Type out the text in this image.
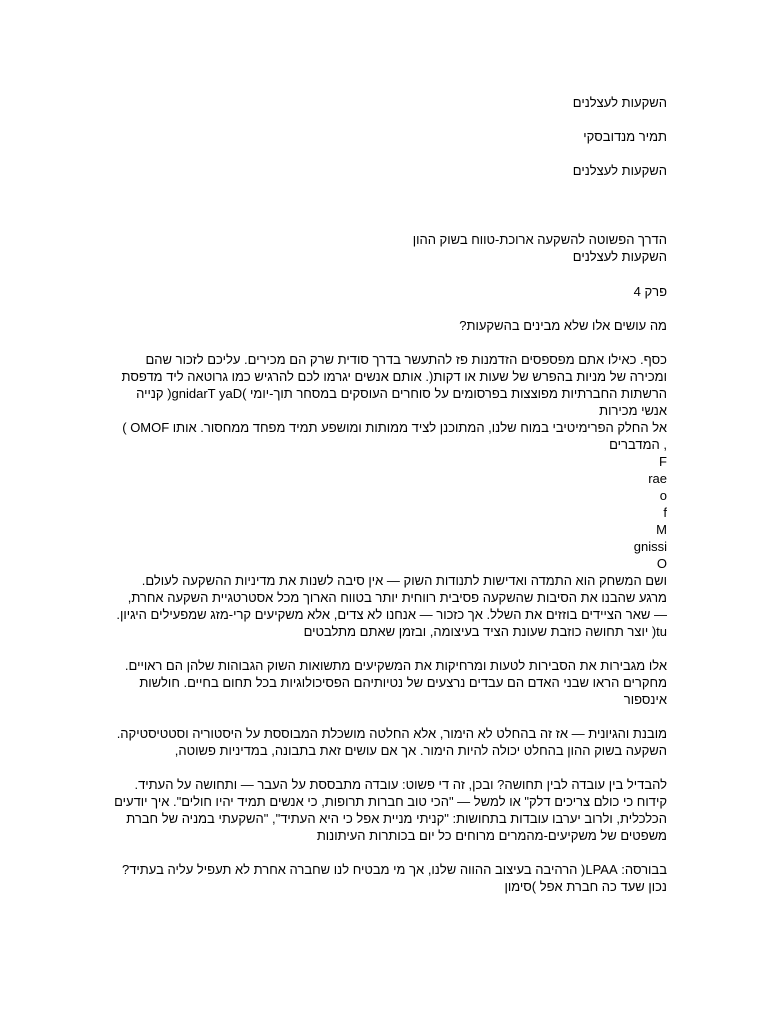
השקעות לעצלנים

תמיר מנדובסקי

השקעות לעצלנים

הדרך הפשוטה להשקעה ארוכת-טווח בשוק ההון
השקעות לעצלנים

פרק 4

מה עושים אלו שלא מבינים בהשקעות?

כסף. כאילו אתם מפספסים הזדמנות פז להתעשר בדרך סודית שרק הם מכירים. עליכם לזכור שהם
ומכירה של מניות בהפרש של שעות או דקות(. אותם אנשים יגרמו לכם להרגיש כמו גרוטאה ליד מדפסת
הרשתות החברתיות מפוצצות בפרסומים על סוחרים העוסקים במסחר תוך-יומי )gnidarT yaD( קנייה
אנשי מכירות
אל החלק הפרימיטיבי במוח שלנו, המתוכנן לציד ממותות ומושפע תמיד מפחד ממחסור. אותו OMOF )
, המדברים
F
rae
o
f
M
gnissi
O
ושם המשחק הוא התמדה ואדישות לתנודות השוק — אין סיבה לשנות את מדיניות ההשקעה לעולם.
מרגע שהבנו את הסיבות שהשקעה פסיבית רווחית יותר בטווח הארוך מכל אסטרטגיית השקעה אחרת,
— שאר הציידים בוזזים את השלל. אך כזכור — אנחנו לא צדים, אלא משקיעים קרי-מזג שמפעילים היגיון.
tu( יוצר תחושה כוזבת שעונת הציד בעיצומה, ובזמן שאתם מתלבטים
אלו מגבירות את הסבירות לטעות ומרחיקות את המשקיעים מתשואות השוק הגבוהות שלהן הם ראויים.
מחקרים הראו שבני האדם הם עבדים נרצעים של נטיותיהם הפסיכולוגיות בכל תחום בחיים. חולשות
אינספור
מובנת והגיונית — אז זה בהחלט לא הימור, אלא החלטה מושכלת המבוססת על היסטוריה וסטטיסטיקה.
השקעה בשוק ההון בהחלט יכולה להיות הימור. אך אם עושים זאת בתבונה, במדיניות פשוטה,
להבדיל בין עובדה לבין תחושה? ובכן, זה די פשוט: עובדה מתבססת על העבר — ותחושה על העתיד.
קידוח כי כולם צריכים דלק" או למשל — "הכי טוב חברות תרופות, כי אנשים תמיד יהיו חולים". איך יודעים
הכלכלית, ולרוב יערבו עובדות בתחושות: "קניתי מניית אפל כי היא העתיד", "השקעתי במניה של חברת
משפטים של משקיעים-מהמרים מרוחים כל יום בכותרות העיתונות
בבורסה: LPAA( הרהיבה בעיצוב ההווה שלנו, אך מי מבטיח לנו שחברה אחרת לא תעפיל עליה בעתיד?
נכון שעד כה חברת אפל )סימון
